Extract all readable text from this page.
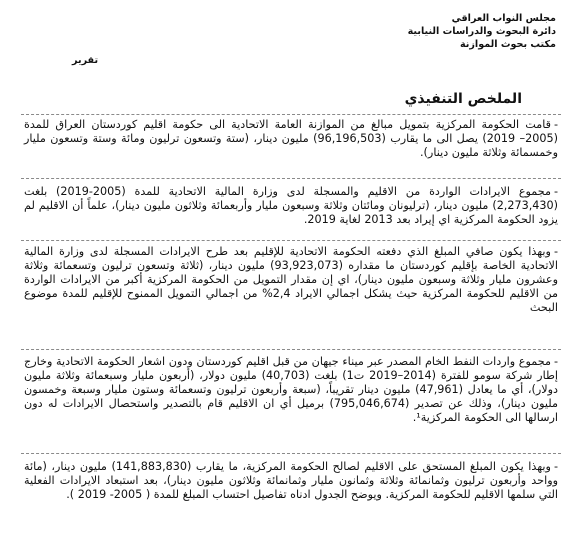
مجلس النواب العراقي
دائرة البحوث والدراسات النيابية
مكتب بحوث الموازنة
تقرير
الملخص التنفيذي

-قامت الحكومة المركزية بتمويل مبالغ من الموازنة العامة الاتحادية الى حكومة اقليم كوردستان العراق للمدة (2005– 2019) يصل الى ما يقارب (96,196,503) مليون دينار، (ستة وتسعون ترليون ومائة وستة وتسعون مليار وخمسمائة وثلاثة مليون دينار).

-مجموع الايرادات الواردة من الاقليم والمسجلة لدى وزارة المالية الاتحادية للمدة (2005-2019) بلغت (2,273,430) مليون دينار، (ترليونان ومائتان وثلاثة وسبعون مليار وأربعمائة وثلاثون مليون دينار)، علماً أن الاقليم لم يزود الحكومة المركزية اي إيراد بعد 2013 لغاية 2019.

-وبهذا يكون صافي المبلغ الذي دفعته الحكومة الاتحادية للإقليم بعد طرح الايرادات المسجلة لدى وزارة المالية الاتحادية الخاصة بإقليم كوردستان ما مقداره (93,923,073) مليون دينار، (ثلاثة وتسعون ترليون وتسعمائة وثلاثة وعشرون مليار وثلاثة وسبعون مليون دينار)، اي إن مقدار التمويل من الحكومة المركزية أكبر من الايرادات الواردة من الاقليم للحكومة المركزية حيث يشكل اجمالي الايراد 2,4% من اجمالي التمويل الممنوح للإقليم للمدة موضوع البحث

-مجموع واردات النفط الخام المصدر عبر ميناء جيهان من قبل اقليم كوردستان ودون اشعار الحكومة الاتحادية وخارج إطار شركة سومو للفترة (2014–2019 ت1) بلغت (40,703) مليون دولار، (أربعون مليار وسبعمائة وثلاثة مليون دولار)، أي ما يعادل (47,961) مليون دينار تقريباً، (سبعة وأربعون ترليون وتسعمائة وستون مليار وسبعة وخمسون مليون دينار)، وذلك عن تصدير (795,046,674) برميل أي ان الاقليم قام بالتصدير واستحصال الايرادات له دون ارسالها الى الحكومة المركزية¹.

-وبهذا يكون المبلغ المستحق على الاقليم لصالح الحكومة المركزية، ما يقارب (141,883,830) مليون دينار، (مائة وواحد وأربعون ترليون وثمانمائة وثلاثة وثمانون مليار وثمانمائة وثلاثون مليون دينار)، بعد استبعاد الايرادات الفعلية التي سلمها الاقليم للحكومة المركزية. ويوضح الجدول ادناه تفاصيل احتساب المبلغ للمدة ( 2005- 2019 ).
